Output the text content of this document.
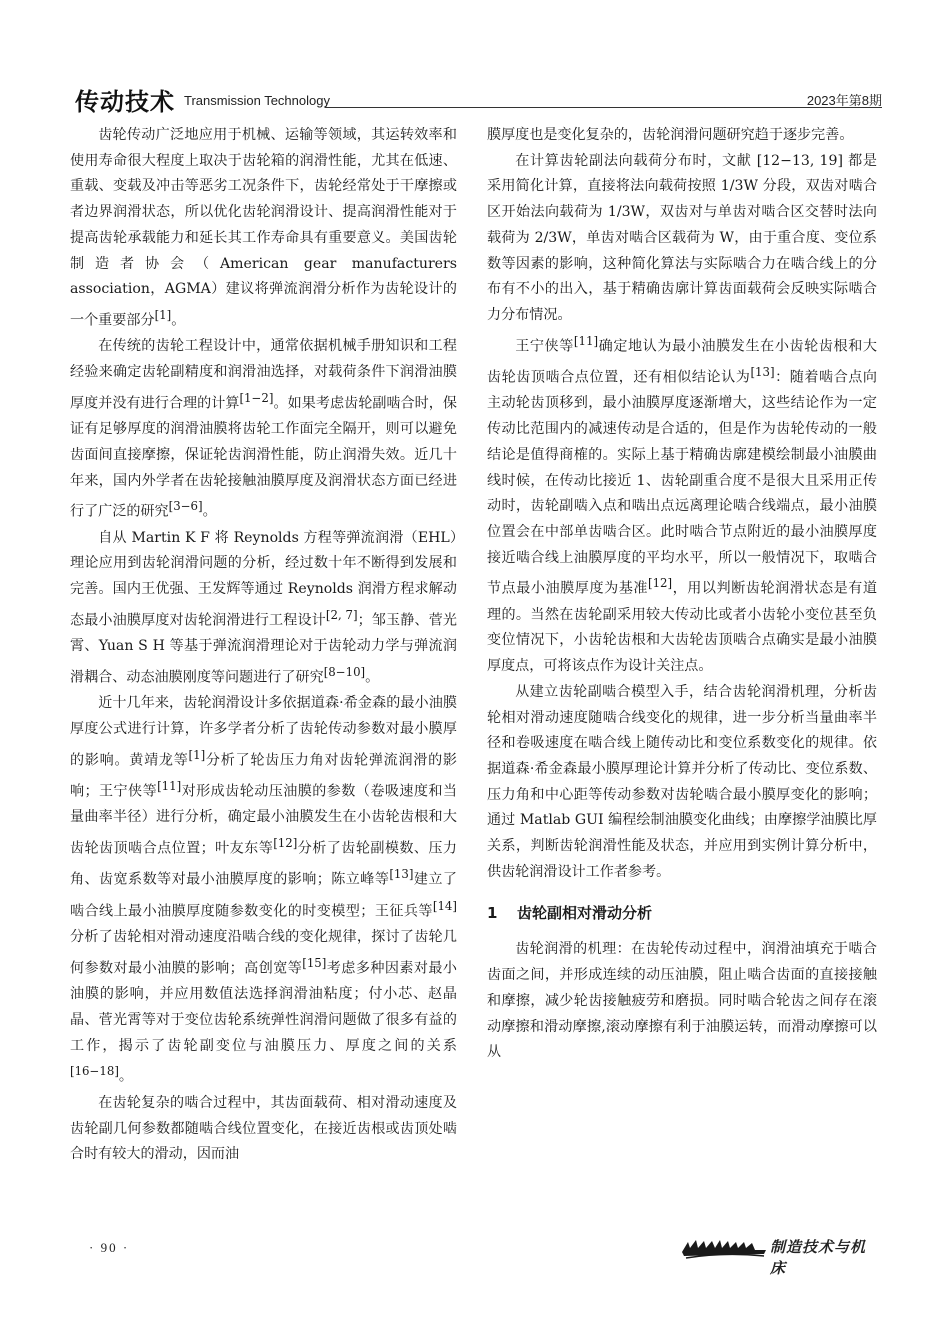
传动技术 Transmission Technology	2023年第8期

齿轮传动广泛地应用于机械、运输等领域，其运转效率和使用寿命很大程度上取决于齿轮箱的润滑性能，尤其在低速、重载、变载及冲击等恶劣工况条件下，齿轮经常处于干摩擦或者边界润滑状态，所以优化齿轮润滑设计、提高润滑性能对于提高齿轮承载能力和延长其工作寿命具有重要意义。美国齿轮制造者协会（American gear manufacturers association，AGMA）建议将弹流润滑分析作为齿轮设计的一个重要部分[1]。

在传统的齿轮工程设计中，通常依据机械手册知识和工程经验来确定齿轮副精度和润滑油选择，对载荷条件下润滑油膜厚度并没有进行合理的计算[1−2]。如果考虑齿轮副啮合时，保证有足够厚度的润滑油膜将齿轮工作面完全隔开，则可以避免齿面间直接摩擦，保证轮齿润滑性能，防止润滑失效。近几十年来，国内外学者在齿轮接触油膜厚度及润滑状态方面已经进行了广泛的研究[3−6]。

自从 Martin K F 将 Reynolds 方程等弹流润滑（EHL）理论应用到齿轮润滑问题的分析，经过数十年不断得到发展和完善。国内王优强、王发辉等通过 Reynolds 润滑方程求解动态最小油膜厚度对齿轮润滑进行工程设计[2, 7]；邹玉静、菅光霄、Yuan S H 等基于弹流润滑理论对于齿轮动力学与弹流润滑耦合、动态油膜刚度等问题进行了研究[8−10]。

近十几年来，齿轮润滑设计多依据道森·希金森的最小油膜厚度公式进行计算，许多学者分析了齿轮传动参数对最小膜厚的影响。黄靖龙等[1]分析了轮齿压力角对齿轮弹流润滑的影响；王宁侠等[11]对形成齿轮动压油膜的参数（卷吸速度和当量曲率半径）进行分析，确定最小油膜发生在小齿轮齿根和大齿轮齿顶啮合点位置；叶友东等[12]分析了齿轮副模数、压力角、齿宽系数等对最小油膜厚度的影响；陈立峰等[13]建立了啮合线上最小油膜厚度随参数变化的时变模型；王征兵等[14]分析了齿轮相对滑动速度沿啮合线的变化规律，探讨了齿轮几何参数对最小油膜的影响；高创宽等[15]考虑多种因素对最小油膜的影响，并应用数值法选择润滑油粘度；付小芯、赵晶晶、菅光霄等对于变位齿轮系统弹性润滑问题做了很多有益的工作，揭示了齿轮副变位与油膜压力、厚度之间的关系[16−18]。

在齿轮复杂的啮合过程中，其齿面载荷、相对滑动速度及齿轮副几何参数都随啮合线位置变化，在接近齿根或齿顶处啮合时有较大的滑动，因而油

膜厚度也是变化复杂的，齿轮润滑问题研究趋于逐步完善。

在计算齿轮副法向载荷分布时，文献 [12−13, 19] 都是采用简化计算，直接将法向载荷按照 1/3W 分段，双齿对啮合区开始法向载荷为 1/3W，双齿对与单齿对啮合区交替时法向载荷为 2/3W，单齿对啮合区载荷为 W，由于重合度、变位系数等因素的影响，这种简化算法与实际啮合力在啮合线上的分布有不小的出入，基于精确齿廓计算齿面载荷会反映实际啮合力分布情况。

王宁侠等[11]确定地认为最小油膜发生在小齿轮齿根和大齿轮齿顶啮合点位置，还有相似结论认为[13]：随着啮合点向主动轮齿顶移到，最小油膜厚度逐渐增大，这些结论作为一定传动比范围内的减速传动是合适的，但是作为齿轮传动的一般结论是值得商榷的。实际上基于精确齿廓建模绘制最小油膜曲线时候，在传动比接近 1、齿轮副重合度不是很大且采用正传动时，齿轮副啮入点和啮出点远离理论啮合线端点，最小油膜位置会在中部单齿啮合区。此时啮合节点附近的最小油膜厚度接近啮合线上油膜厚度的平均水平，所以一般情况下，取啮合节点最小油膜厚度为基准[12]，用以判断齿轮润滑状态是有道理的。当然在齿轮副采用较大传动比或者小齿轮小变位甚至负变位情况下，小齿轮齿根和大齿轮齿顶啮合点确实是最小油膜厚度点，可将该点作为设计关注点。

从建立齿轮副啮合模型入手，结合齿轮润滑机理，分析齿轮相对滑动速度随啮合线变化的规律，进一步分析当量曲率半径和卷吸速度在啮合线上随传动比和变位系数变化的规律。依据道森·希金森最小膜厚理论计算并分析了传动比、变位系数、压力角和中心距等传动参数对齿轮啮合最小膜厚变化的影响；通过 Matlab GUI 编程绘制油膜变化曲线；由摩擦学油膜比厚关系，判断齿轮润滑性能及状态，并应用到实例计算分析中，供齿轮润滑设计工作者参考。

1 齿轮副相对滑动分析

齿轮润滑的机理：在齿轮传动过程中，润滑油填充于啮合齿面之间，并形成连续的动压油膜，阻止啮合齿面的直接接触和摩擦，减少轮齿接触疲劳和磨损。同时啮合轮齿之间存在滚动摩擦和滑动摩擦,滚动摩擦有利于油膜运转，而滑动摩擦可以从

· 90 ·	制造技术与机床
